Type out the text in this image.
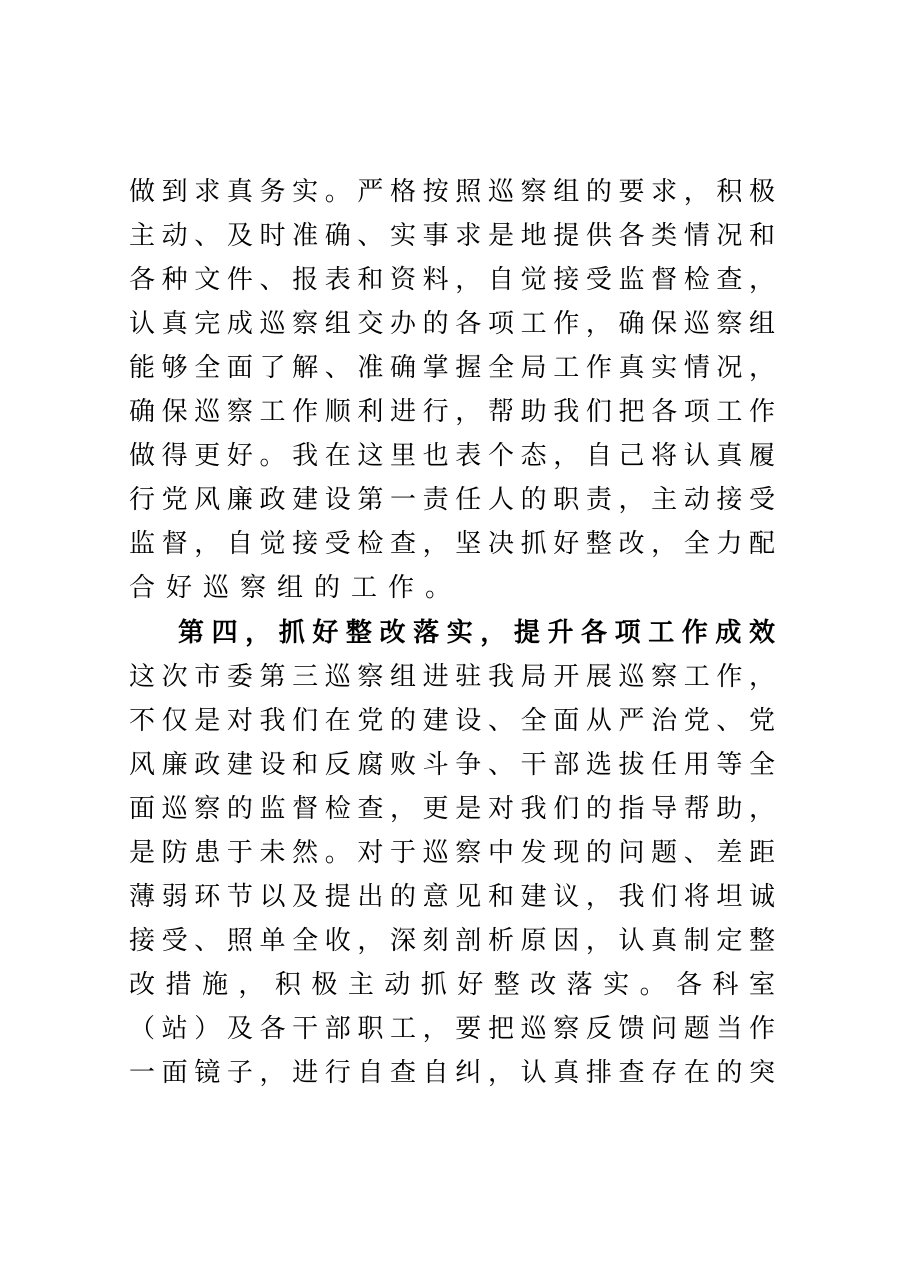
做到求真务实。严格按照巡察组的要求，积极
主动、及时准确、实事求是地提供各类情况和
各种文件、报表和资料，自觉接受监督检查，
认真完成巡察组交办的各项工作，确保巡察组
能够全面了解、准确掌握全局工作真实情况，
确保巡察工作顺利进行，帮助我们把各项工作
做得更好。我在这里也表个态，自己将认真履
行党风廉政建设第一责任人的职责，主动接受
监督，自觉接受检查，坚决抓好整改，全力配
合好巡察组的工作。
第四，抓好整改落实，提升各项工作成效
这次市委第三巡察组进驻我局开展巡察工作，
不仅是对我们在党的建设、全面从严治党、党
风廉政建设和反腐败斗争、干部选拔任用等全
面巡察的监督检查，更是对我们的指导帮助，
是防患于未然。对于巡察中发现的问题、差距
薄弱环节以及提出的意见和建议，我们将坦诚
接受、照单全收，深刻剖析原因，认真制定整
改措施，积极主动抓好整改落实。各科室
（站）及各干部职工，要把巡察反馈问题当作
一面镜子，进行自查自纠，认真排查存在的突
